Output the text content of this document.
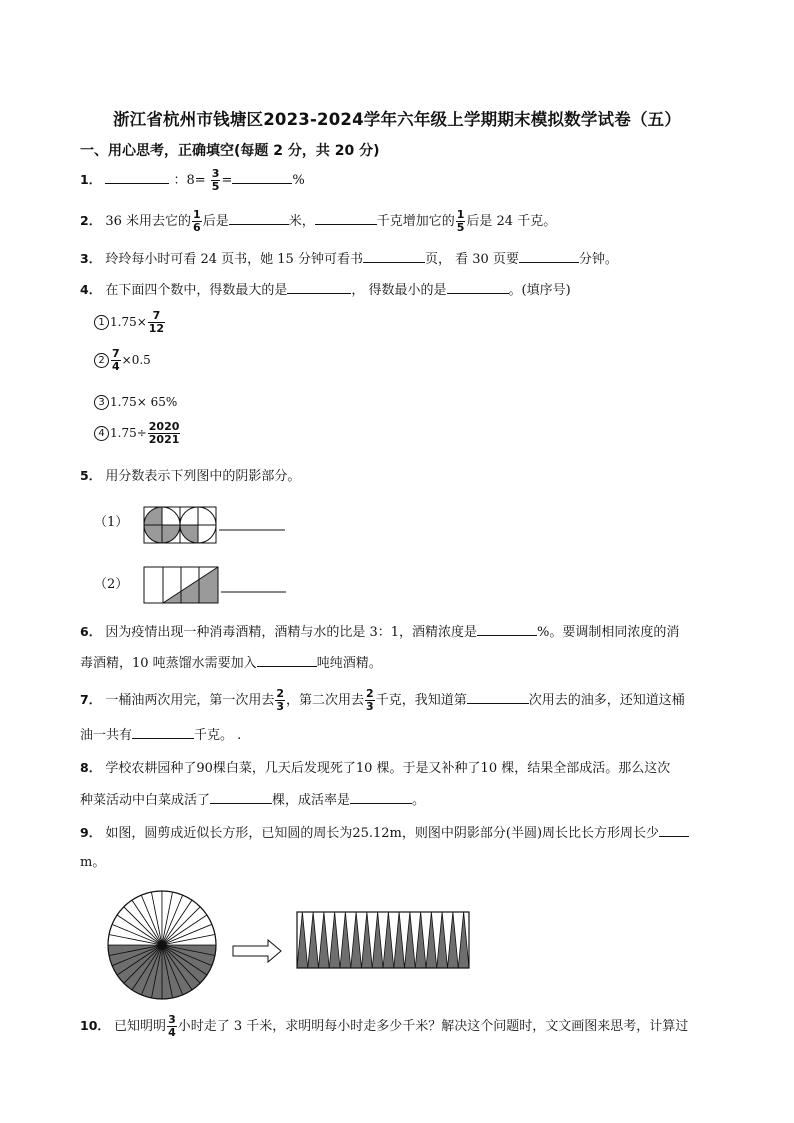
浙江省杭州市钱塘区2023-2024学年六年级上学期期末模拟数学试卷（五）
一、用心思考，正确填空(每题 2 分，共 20 分)
1．	：$8= \frac{3}{5}$ =	%
2． 36 米用去它的 $\frac{1}{6}$ 后是	米，	千克增加它的 $\frac{1}{5}$ 后是 24 千克。
3． 玲玲每小时可看 24 页书，她 15 分钟可看书	页， 看 30 页要	分钟。
4． 在下面四个数中，得数最大的是	， 得数最小的是	。(填序号)
1 $1.75\times \frac{7}{12}$
$2 \frac{7}{4} \times 0.5$
3 1.75× 65%
4 $1.75\div \frac{2020}{2021}$
5． 用分数表示下列图中的阴影部分。
（1）
（2）
6． 因为疫情出现一种消毒酒精，酒精与水的比是 3：1，酒精浓度是	%。要调制相同浓度的消
毒酒精，10 吨蒸馏水需要加入	吨纯酒精。
7． 一桶油两次用完，第一次用去 $\frac{2}{3}$ ，第二次用去 $\frac{2}{3}$ 千克，我知道第	次用去的油多，还知道这桶
油一共有	千克。 .
8． 学校农耕园种了90棵白菜，几天后发现死了10 棵。于是又补种了10 棵，结果全部成活。那么这次
种菜活动中白菜成活了	棵，成活率是	。
9． 如图，圆剪成近似长方形，已知圆的周长为25.12m，则图中阴影部分(半圆)周长比长方形周长少
m。
10． 已知明明 $\frac{3}{4}$ 小时走了 3 千米，求明明每小时走多少千米？解决这个问题时，文文画图来思考，计算过
